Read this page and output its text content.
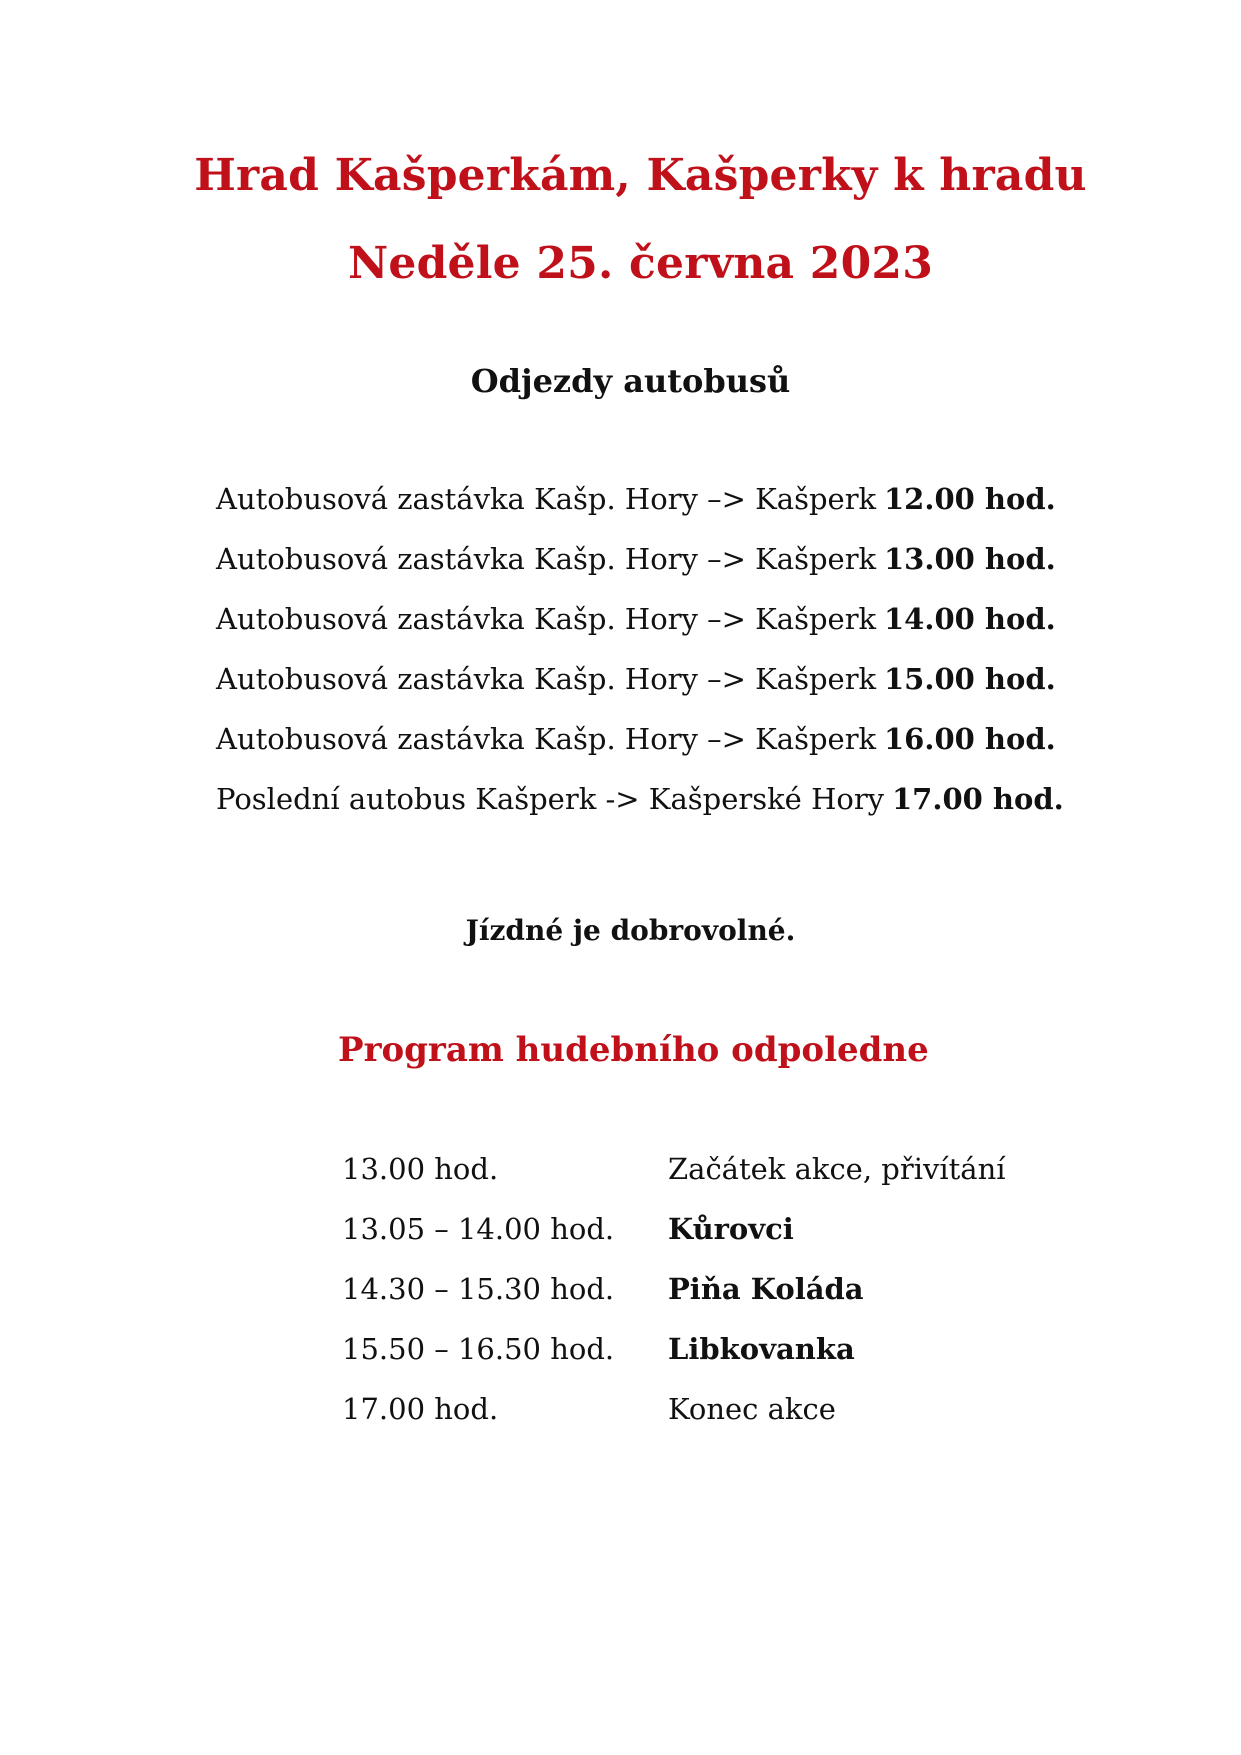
Hrad Kašperkám, Kašperky k hradu
Neděle 25. června 2023
Odjezdy autobusů
Autobusová zastávka Kašp. Hory –> Kašperk 12.00 hod.
Autobusová zastávka Kašp. Hory –> Kašperk 13.00 hod.
Autobusová zastávka Kašp. Hory –> Kašperk 14.00 hod.
Autobusová zastávka Kašp. Hory –> Kašperk 15.00 hod.
Autobusová zastávka Kašp. Hory –> Kašperk 16.00 hod.
Poslední autobus Kašperk -> Kašperské Hory 17.00 hod.

Jízdné je dobrovolné.

Program hudebního odpoledne
13.00 hod.	Začátek akce, přivítání
13.05 – 14.00 hod. Kůrovci
14.30 – 15.30 hod. Piňa Koláda
15.50 – 16.50 hod. Libkovanka
17.00 hod.	Konec akce
